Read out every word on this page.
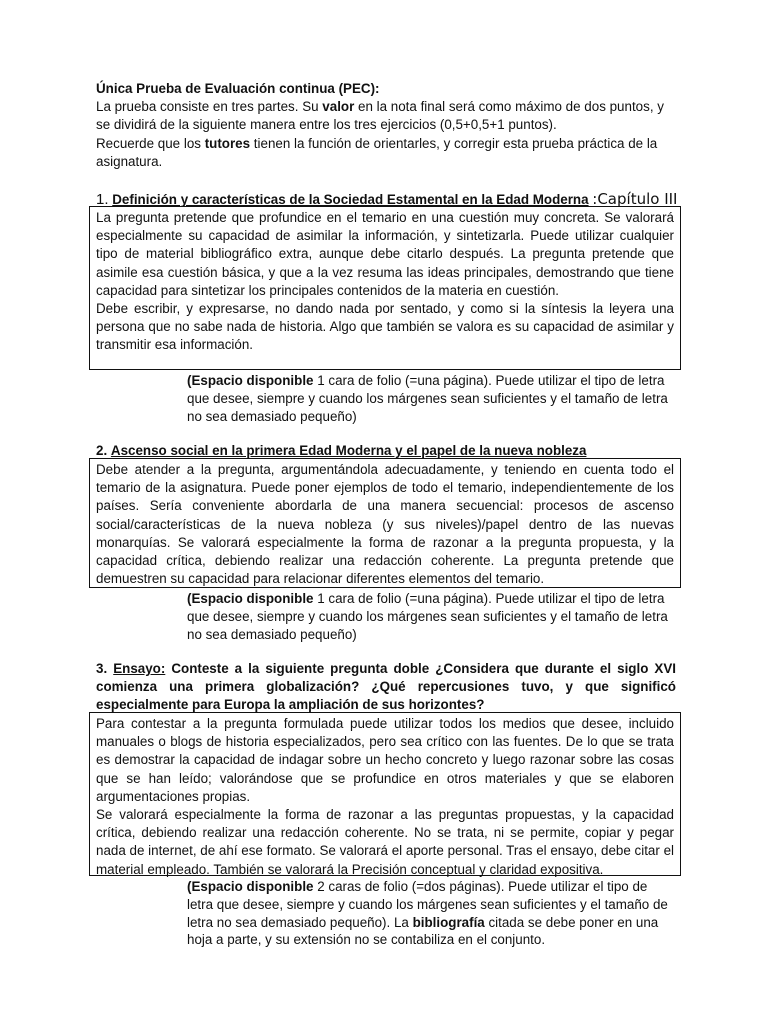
Única Prueba de Evaluación continua (PEC):

La prueba consiste en tres partes. Su valor en la nota final será como máximo de dos puntos, y se dividirá de la siguiente manera entre los tres ejercicios (0,5+0,5+1 puntos).

Recuerde que los tutores tienen la función de orientarles, y corregir esta prueba práctica de la asignatura.

1. Definición y características de la Sociedad Estamental en la Edad Moderna :Capítulo III

La pregunta pretende que profundice en el temario en una cuestión muy concreta. Se valorará especialmente su capacidad de asimilar la información, y sintetizarla. Puede utilizar cualquier tipo de material bibliográfico extra, aunque debe citarlo después. La pregunta pretende que asimile esa cuestión básica, y que a la vez resuma las ideas principales, demostrando que tiene capacidad para sintetizar los principales contenidos de la materia en cuestión.

Debe escribir, y expresarse, no dando nada por sentado, y como si la síntesis la leyera una persona que no sabe nada de historia. Algo que también se valora es su capacidad de asimilar y transmitir esa información.

(Espacio disponible 1 cara de folio (=una página). Puede utilizar el tipo de letra que desee, siempre y cuando los márgenes sean suficientes y el tamaño de letra no sea demasiado pequeño)
2. Ascenso social en la primera Edad Moderna y el papel de la nueva nobleza

Debe atender a la pregunta, argumentándola adecuadamente, y teniendo en cuenta todo el temario de la asignatura. Puede poner ejemplos de todo el temario, independientemente de los países. Sería conveniente abordarla de una manera secuencial: procesos de ascenso social/características de la nueva nobleza (y sus niveles)/papel dentro de las nuevas monarquías. Se valorará especialmente la forma de razonar a la pregunta propuesta, y la capacidad crítica, debiendo realizar una redacción coherente. La pregunta pretende que demuestren su capacidad para relacionar diferentes elementos del temario.

(Espacio disponible 1 cara de folio (=una página). Puede utilizar el tipo de letra que desee, siempre y cuando los márgenes sean suficientes y el tamaño de letra no sea demasiado pequeño)
3. Ensayo: Conteste a la siguiente pregunta doble ¿Considera que durante el siglo XVI comienza una primera globalización? ¿Qué repercusiones tuvo, y que significó especialmente para Europa la ampliación de sus horizontes?

Para contestar a la pregunta formulada puede utilizar todos los medios que desee, incluido manuales o blogs de historia especializados, pero sea crítico con las fuentes. De lo que se trata es demostrar la capacidad de indagar sobre un hecho concreto y luego razonar sobre las cosas que se han leído; valorándose que se profundice en otros materiales y que se elaboren argumentaciones propias.

Se valorará especialmente la forma de razonar a las preguntas propuestas, y la capacidad crítica, debiendo realizar una redacción coherente. No se trata, ni se permite, copiar y pegar nada de internet, de ahí ese formato. Se valorará el aporte personal. Tras el ensayo, debe citar el material empleado. También se valorará la Precisión conceptual y claridad expositiva.

(Espacio disponible 2 caras de folio (=dos páginas). Puede utilizar el tipo de letra que desee, siempre y cuando los márgenes sean suficientes y el tamaño de letra no sea demasiado pequeño). La bibliografía citada se debe poner en una hoja a parte, y su extensión no se contabiliza en el conjunto.
